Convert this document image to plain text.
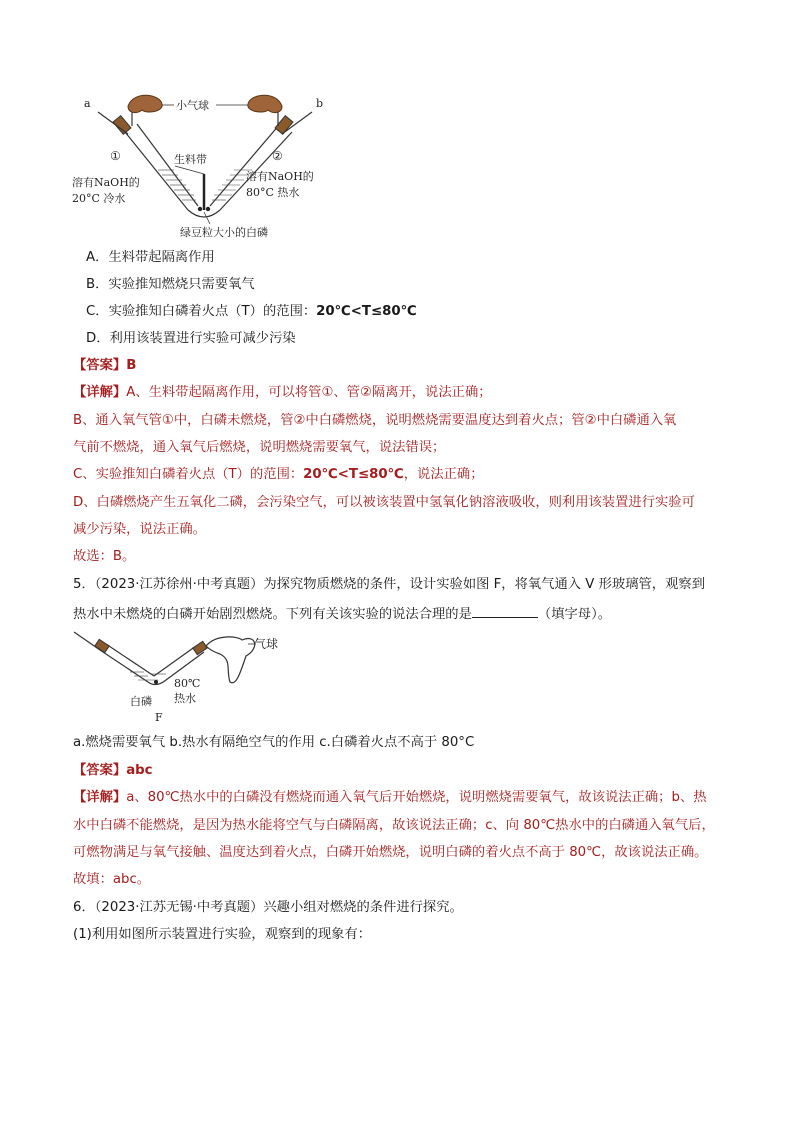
a	b
小气球
①	②
生料带
溶有NaOH的
20°C 冷水
溶有NaOH的
80°C 热水
绿豆粒大小的白磷
A．生料带起隔离作用
B．实验推知燃烧只需要氧气
C．实验推知白磷着火点（T）的范围：20℃<T≤80℃
D．利用该装置进行实验可减少污染
【答案】B
【详解】A、生料带起隔离作用，可以将管①、管②隔离开，说法正确；
B、通入氧气管①中，白磷未燃烧，管②中白磷燃烧，说明燃烧需要温度达到着火点；管②中白磷通入氧
气前不燃烧，通入氧气后燃烧，说明燃烧需要氧气，说法错误；
C、实验推知白磷着火点（T）的范围：20℃<T≤80℃，说法正确；
D、白磷燃烧产生五氧化二磷，会污染空气，可以被该装置中氢氧化钠溶液吸收，则利用该装置进行实验可
减少污染，说法正确。
故选：B。
5．（2023·江苏徐州·中考真题）为探究物质燃烧的条件，设计实验如图 F，将氧气通入 V 形玻璃管，观察到
热水中未燃烧的白磷开始剧烈燃烧。下列有关该实验的说法合理的是	（填字母）。
气球
80℃
热水
白磷
F
a.燃烧需要氧气 b.热水有隔绝空气的作用 c.白磷着火点不高于 80°C
【答案】abc
【详解】a、80℃热水中的白磷没有燃烧而通入氧气后开始燃烧，说明燃烧需要氧气，故该说法正确；b、热
水中白磷不能燃烧，是因为热水能将空气与白磷隔离，故该说法正确；c、向 80℃热水中的白磷通入氧气后，
可燃物满足与氧气接触、温度达到着火点，白磷开始燃烧，说明白磷的着火点不高于 80℃，故该说法正确。
故填：abc。
6．（2023·江苏无锡·中考真题）兴趣小组对燃烧的条件进行探究。
(1)利用如图所示装置进行实验，观察到的现象有：
